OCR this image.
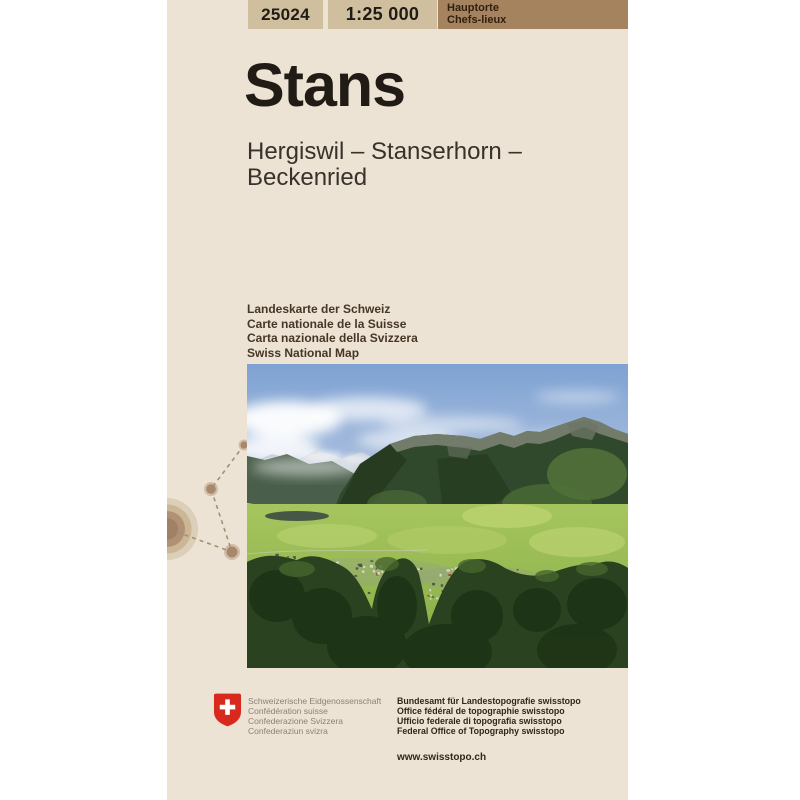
25024 1:25 000	Hauptorte
Chefs-lieux
Stans
Hergiswil – Stanserhorn – Beckenried
Landeskarte der Schweiz
Carte nationale de la Suisse
Carta nazionale della Svizzera
Swiss National Map
Schweizerische Eidgenossenschaft
Confédération suisse
Confederazione Svizzera
Confederaziun svizra
Bundesamt für Landestopografie swisstopo
Office fédéral de topographie swisstopo
Ufficio federale di topografia swisstopo
Federal Office of Topography swisstopo
www.swisstopo.ch
